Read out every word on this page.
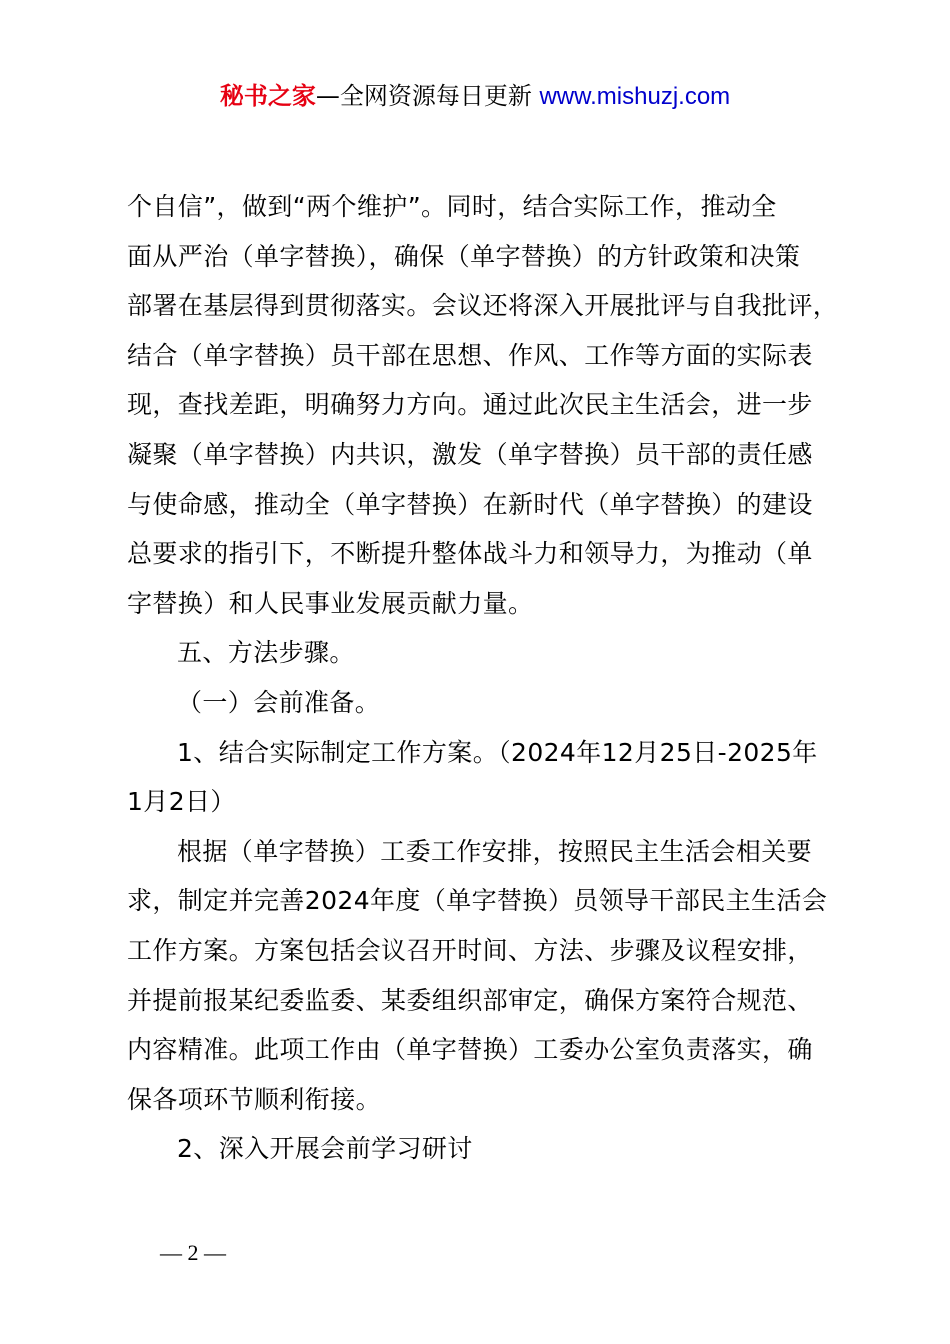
秘书之家—全网资源每日更新 www.mishuzj.com
个自信”，做到“两个维护”。同时，结合实际工作，推动全
面从严治（单字替换），确保（单字替换）的方针政策和决策
部署在基层得到贯彻落实。会议还将深入开展批评与自我批评，
结合（单字替换）员干部在思想、作风、工作等方面的实际表
现，查找差距，明确努力方向。通过此次民主生活会，进一步
凝聚（单字替换）内共识，激发（单字替换）员干部的责任感
与使命感，推动全（单字替换）在新时代（单字替换）的建设
总要求的指引下，不断提升整体战斗力和领导力，为推动（单
字替换）和人民事业发展贡献力量。
五、方法步骤。
（一）会前准备。
1、结合实际制定工作方案。（2024年12月25日-2025年
1月2日）
根据（单字替换）工委工作安排，按照民主生活会相关要
求，制定并完善2024年度（单字替换）员领导干部民主生活会
工作方案。方案包括会议召开时间、方法、步骤及议程安排，
并提前报某纪委监委、某委组织部审定，确保方案符合规范、
内容精准。此项工作由（单字替换）工委办公室负责落实，确
保各项环节顺利衔接。
2、深入开展会前学习研讨
— 2 —
